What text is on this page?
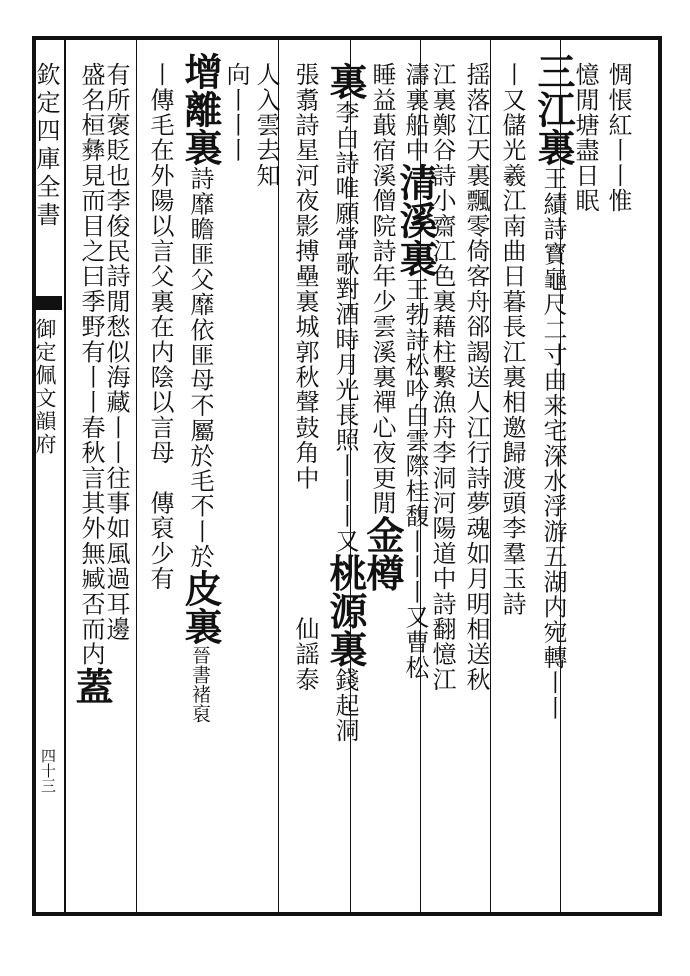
欽定四庫全書
御定佩文韻府
四十三
惆悵紅丨丨惟
憶閒塘盡日眠
三江裏王績詩寳龜尺二寸由来宅深水浮游五湖内宛轉丨丨
丨又儲光羲江南曲日暮長江裏相邀歸渡頭李羣玉詩
揺落江天裏飄零倚客舟郤謁送人江行詩夢魂如月明相送秋
江裏鄭谷詩小齋江色裏藉柱繫漁舟李洞河陽道中詩翻憶江
濤裏船中清溪裏王勃詩松吟白雲際桂馥丨丨丨又曹松
睡益蕺宿溪僧院詩年少雲溪裏禪心夜更閒金樽
裏李白詩唯願當歌對酒時月光長照丨丨丨又桃源裏錢起洞
張翥詩星河夜影搏壘裏城郭秋聲鼓角中　　　　　仙謡泰
人入雲去知
向丨丨丨
增離裏詩靡瞻匪父靡依匪母不屬於毛不丨於皮裏晉書褚裒
丨傳毛在外陽以言父裏在内陰以言母　傳裒少有
有所褒貶也李俊民詩閒愁似海藏丨丨往事如風過耳邊
盛名桓彝見而目之曰季野有丨丨春秋言其外無臧否而内蓋
